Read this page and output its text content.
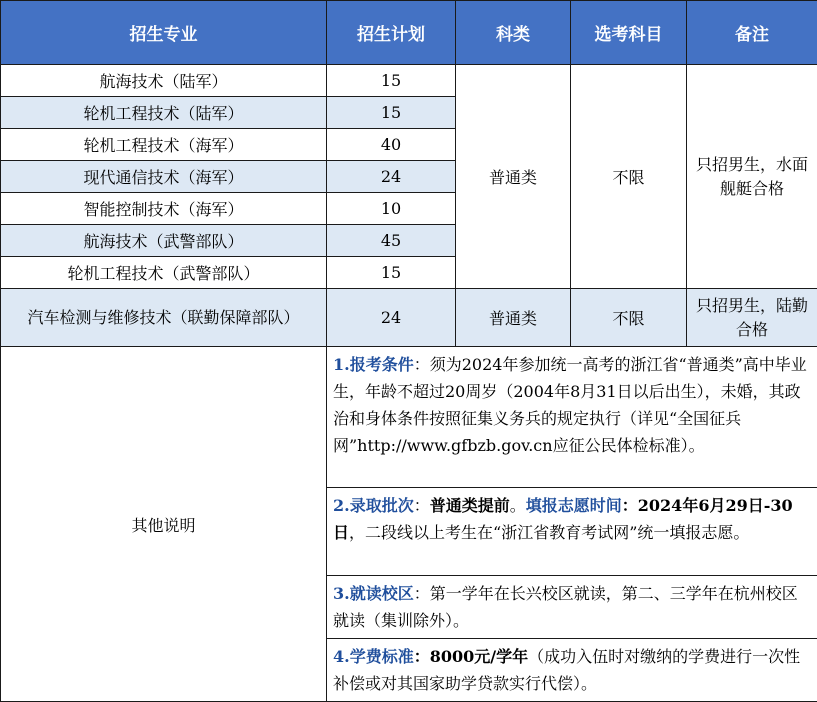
招生专业	招生计划	科类	选考科目	备注
航海技术（陆军）	15	普通类	不限	只招男生，水面舰艇合格
轮机工程技术（陆军）	15			
轮机工程技术（海军）	40			
现代通信技术（海军）	24			
智能控制技术（海军）	10			
航海技术（武警部队）	45			
轮机工程技术（武警部队）	15			
汽车检测与维修技术（联勤保障部队）	24	普通类	不限	只招男生，陆勤合格
其他说明	1.报考条件：须为2024年参加统一高考的浙江省“普通类”高中毕业生，年龄不超过20周岁（2004年8月31日以后出生），未婚，其政治和身体条件按照征集义务兵的规定执行（详见“全国征兵网”http://www.gfbzb.gov.cn应征公民体检标准）。			
	2.录取批次：普通类提前。填报志愿时间：2024年6月29日-30日，二段线以上考生在“浙江省教育考试网”统一填报志愿。			
	3.就读校区：第一学年在长兴校区就读，第二、三学年在杭州校区就读（集训除外）。			
	4.学费标准：8000元/学年（成功入伍时对缴纳的学费进行一次性补偿或对其国家助学贷款实行代偿）。			
